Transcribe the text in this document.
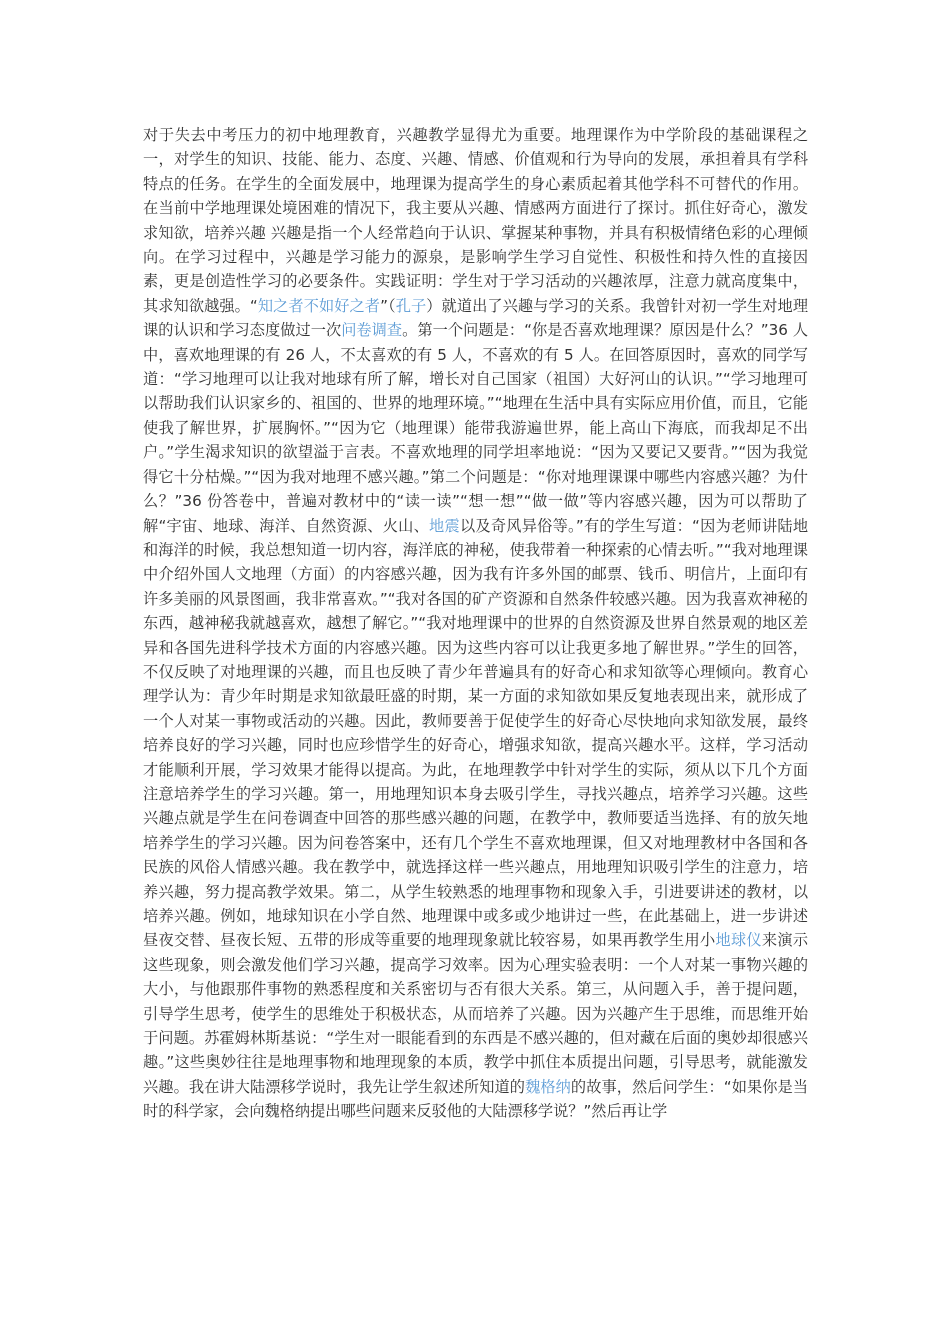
对于失去中考压力的初中地理教育，兴趣教学显得尤为重要。地理课作为中学阶段的基础课程之一，对学生的知识、技能、能力、态度、兴趣、情感、价值观和行为导向的发展，承担着具有学科特点的任务。在学生的全面发展中，地理课为提高学生的身心素质起着其他学科不可替代的作用。在当前中学地理课处境困难的情况下，我主要从兴趣、情感两方面进行了探讨。抓住好奇心，激发求知欲，培养兴趣 兴趣是指一个人经常趋向于认识、掌握某种事物，并具有积极情绪色彩的心理倾向。在学习过程中，兴趣是学习能力的源泉，是影响学生学习自觉性、积极性和持久性的直接因素，更是创造性学习的必要条件。实践证明：学生对于学习活动的兴趣浓厚，注意力就高度集中，其求知欲越强。“知之者不如好之者”（孔子）就道出了兴趣与学习的关系。我曾针对初一学生对地理课的认识和学习态度做过一次问卷调查。第一个问题是：“你是否喜欢地理课？原因是什么？”36 人中，喜欢地理课的有 26 人，不太喜欢的有 5 人，不喜欢的有 5 人。在回答原因时，喜欢的同学写道：“学习地理可以让我对地球有所了解，增长对自己国家（祖国）大好河山的认识。”“学习地理可以帮助我们认识家乡的、祖国的、世界的地理环境。”“地理在生活中具有实际应用价值，而且，它能使我了解世界，扩展胸怀。”“因为它（地理课）能带我游遍世界，能上高山下海底，而我却足不出户。”学生渴求知识的欲望溢于言表。不喜欢地理的同学坦率地说：“因为又要记又要背。”“因为我觉得它十分枯燥。”“因为我对地理不感兴趣。”第二个问题是：“你对地理课课中哪些内容感兴趣？为什么？”36 份答卷中，普遍对教材中的“读一读”“想一想”“做一做”等内容感兴趣，因为可以帮助了解“宇宙、地球、海洋、自然资源、火山、地震以及奇风异俗等。”有的学生写道：“因为老师讲陆地和海洋的时候，我总想知道一切内容，海洋底的神秘，使我带着一种探索的心情去听。”“我对地理课中介绍外国人文地理（方面）的内容感兴趣，因为我有许多外国的邮票、钱币、明信片，上面印有许多美丽的风景图画，我非常喜欢。”“我对各国的矿产资源和自然条件较感兴趣。因为我喜欢神秘的东西，越神秘我就越喜欢，越想了解它。”“我对地理课中的世界的自然资源及世界自然景观的地区差异和各国先进科学技术方面的内容感兴趣。因为这些内容可以让我更多地了解世界。”学生的回答，不仅反映了对地理课的兴趣，而且也反映了青少年普遍具有的好奇心和求知欲等心理倾向。教育心理学认为：青少年时期是求知欲最旺盛的时期，某一方面的求知欲如果反复地表现出来，就形成了一个人对某一事物或活动的兴趣。因此，教师要善于促使学生的好奇心尽快地向求知欲发展，最终培养良好的学习兴趣，同时也应珍惜学生的好奇心，增强求知欲，提高兴趣水平。这样，学习活动才能顺利开展，学习效果才能得以提高。为此，在地理教学中针对学生的实际，须从以下几个方面注意培养学生的学习兴趣。第一，用地理知识本身去吸引学生，寻找兴趣点，培养学习兴趣。这些兴趣点就是学生在问卷调查中回答的那些感兴趣的问题，在教学中，教师要适当选择、有的放矢地培养学生的学习兴趣。因为问卷答案中，还有几个学生不喜欢地理课，但又对地理教材中各国和各民族的风俗人情感兴趣。我在教学中，就选择这样一些兴趣点，用地理知识吸引学生的注意力，培养兴趣，努力提高教学效果。第二，从学生较熟悉的地理事物和现象入手，引进要讲述的教材，以培养兴趣。例如，地球知识在小学自然、地理课中或多或少地讲过一些，在此基础上，进一步讲述昼夜交替、昼夜长短、五带的形成等重要的地理现象就比较容易，如果再教学生用小地球仪来演示这些现象，则会激发他们学习兴趣，提高学习效率。因为心理实验表明：一个人对某一事物兴趣的大小，与他跟那件事物的熟悉程度和关系密切与否有很大关系。第三，从问题入手，善于提问题，引导学生思考，使学生的思维处于积极状态，从而培养了兴趣。因为兴趣产生于思维，而思维开始于问题。苏霍姆林斯基说：“学生对一眼能看到的东西是不感兴趣的，但对藏在后面的奥妙却很感兴趣。”这些奥妙往往是地理事物和地理现象的本质，教学中抓住本质提出问题，引导思考，就能激发兴趣。我在讲大陆漂移学说时，我先让学生叙述所知道的魏格纳的故事，然后问学生：“如果你是当时的科学家，会向魏格纳提出哪些问题来反驳他的大陆漂移学说？”然后再让学
